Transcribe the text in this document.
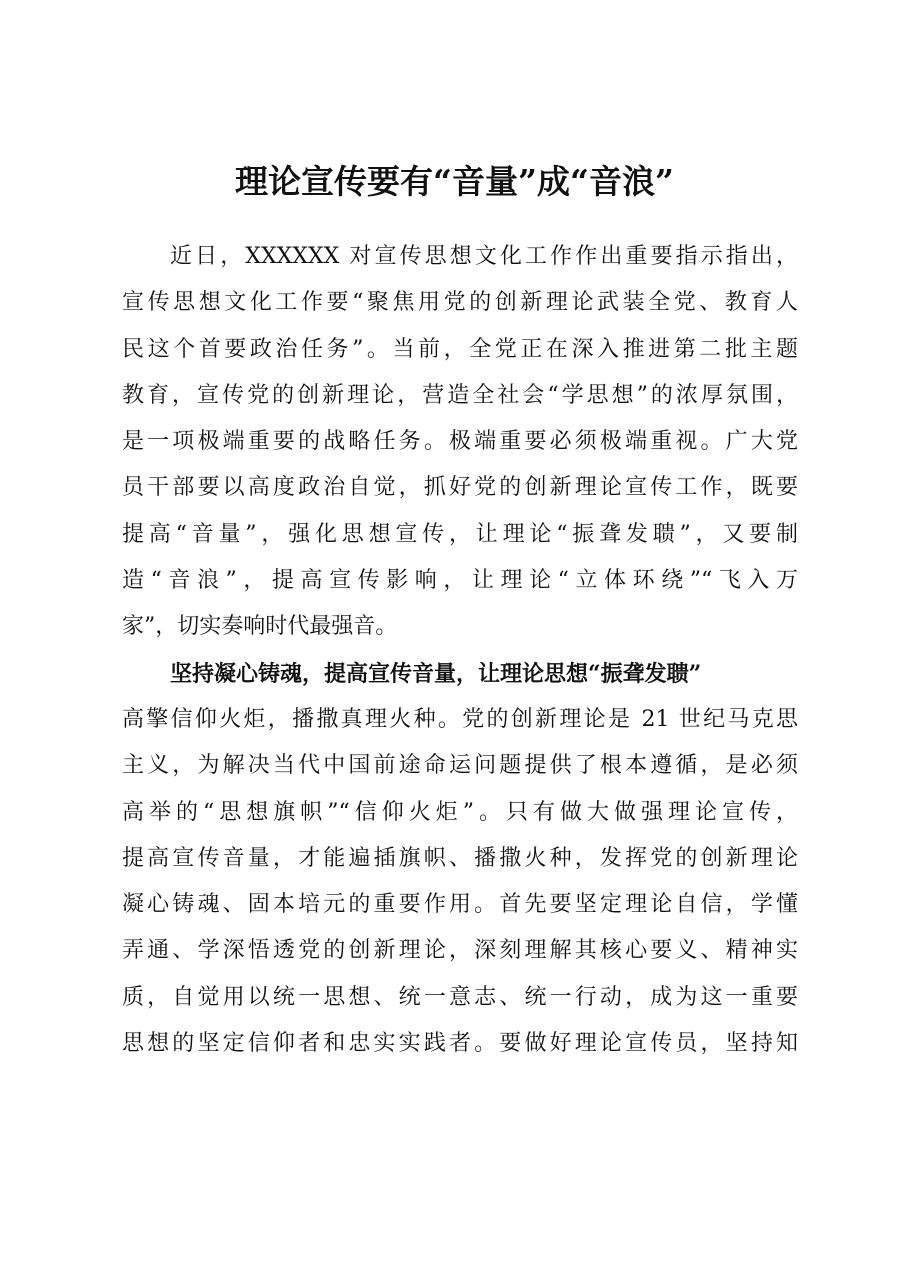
理论宣传要有“音量”成“音浪”
近日，XXXXXX 对宣传思想文化工作作出重要指示指出，
宣传思想文化工作要“聚焦用党的创新理论武装全党、教育人
民这个首要政治任务”。当前，全党正在深入推进第二批主题
教育，宣传党的创新理论，营造全社会“学思想”的浓厚氛围，
是一项极端重要的战略任务。极端重要必须极端重视。广大党
员干部要以高度政治自觉，抓好党的创新理论宣传工作，既要
提高“音量”，强化思想宣传，让理论“振聋发聩”，又要制
造“音浪”，提高宣传影响，让理论“立体环绕”“飞入万
家”，切实奏响时代最强音。
坚持凝心铸魂，提高宣传音量，让理论思想“振聋发聩”
高擎信仰火炬，播撒真理火种。党的创新理论是 21 世纪马克思
主义，为解决当代中国前途命运问题提供了根本遵循，是必须
高举的“思想旗帜”“信仰火炬”。只有做大做强理论宣传，
提高宣传音量，才能遍插旗帜、播撒火种，发挥党的创新理论
凝心铸魂、固本培元的重要作用。首先要坚定理论自信，学懂
弄通、学深悟透党的创新理论，深刻理解其核心要义、精神实
质，自觉用以统一思想、统一意志、统一行动，成为这一重要
思想的坚定信仰者和忠实实践者。要做好理论宣传员，坚持知
